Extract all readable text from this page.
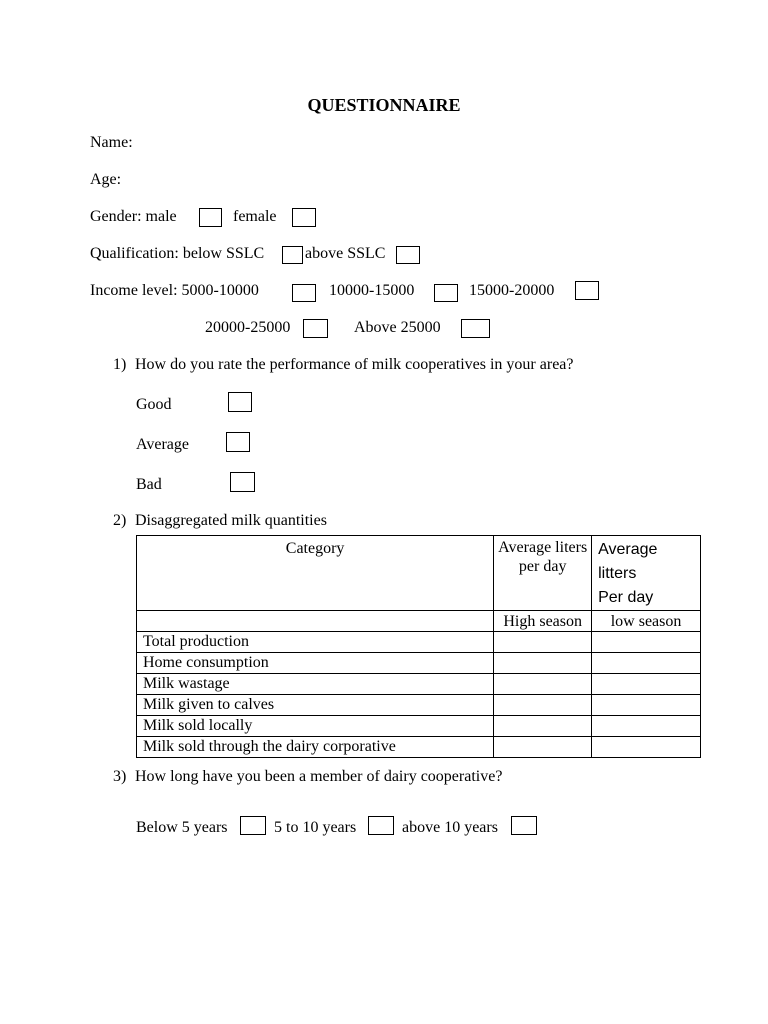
QUESTIONNAIRE
Name:
Age:
Gender: male	female
Qualification: below SSLC	above SSLC
Income level: 5000-10000	10000-15000	15000-20000
20000-25000	Above 25000
1) How do you rate the performance of milk cooperatives in your area?
Good
Average
Bad
2) Disaggregated milk quantities
Category	Average liters per day	Average litters
Per day
	High season	low season
Total production		
Home consumption		
Milk wastage		
Milk given to calves		
Milk sold locally		
Milk sold through the dairy corporative		
3) How long have you been a member of dairy cooperative?
Below 5 years	5 to 10 years	above 10 years
